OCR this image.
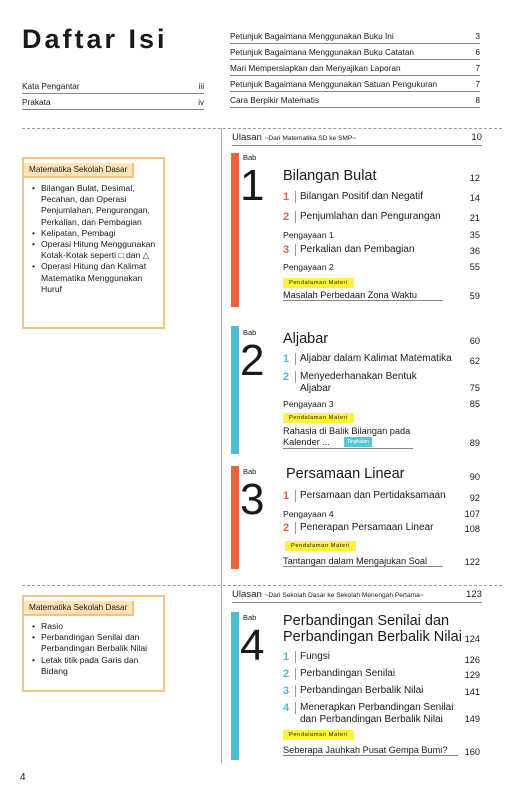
Daftar Isi
Kata Pengantar	iii
Prakata	iv
Petunjuk Bagaimana Menggunakan Buku Ini	3
Petunjuk Bagaimana Menggunakan Buku Catatan	6
Mari Mempersiapkan dan Menyajikan Laporan	7
Petunjuk Bagaimana Menggunakan Satuan Pengukuran	7
Cara Berpikir Matematis	8
Ulasan ~Dari Matematika SD ke SMP~	10
Matematika Sekolah Dasar
• Bilangan Bulat, Desimal, Pecahan, dan Operasi Penjumlahan, Pengurangan, Perkalian, dan Pembagian
• Kelipatan, Pembagi
• Operasi Hitung Menggunakan Kotak-Kotak seperti □ dan △
• Operasi Hitung dan Kalimat Matematika Menggunakan Huruf
Bab
1 Bilangan Bulat	12
1	Bilangan Positif dan Negatif	14
2	Penjumlahan dan Pengurangan	21
Pengayaan 1	35
3	Perkalian dan Pembagian	36
Pengayaan 2	55
Pendalaman Materi
Masalah Perbedaan Zona Waktu	59
Bab
2 Aljabar	60
1	Aljabar dalam Kalimat Matematika	62
2	Menyederhanakan Bentuk Aljabar	75
Pengayaan 3	85
Pendalaman Materi
Rahasia di Balik Bilangan pada Kalender ...	Tingkatan	89
Bab
3
Persamaan Linear	90
1	Persamaan dan Pertidaksamaan	92
Pengayaan 4	107
2	Penerapan Persamaan Linear	108
Pendalaman Materi
Tantangan dalam Mengajukan Soal	122
Ulasan ~Dari Sekolah Dasar ke Sekolah Menengah Pertama~	123
Matematika Sekolah Dasar
• Rasio
• Perbandingan Senilai dan Perbandingan Berbalik Nilai
• Letak titik pada Garis dan Bidang
Bab
4 Perbandingan Senilai dan Perbandingan Berbalik Nilai 124
1	Fungsi	126
2	Perbandingan Senilai	129
3	Perbandingan Berbalik Nilai	141
4	Menerapkan Perbandingan Senilai dan Perbandingan Berbalik Nilai	149
Pendalaman Materi
Seberapa Jauhkah Pusat Gempa Bumi?	160
4
